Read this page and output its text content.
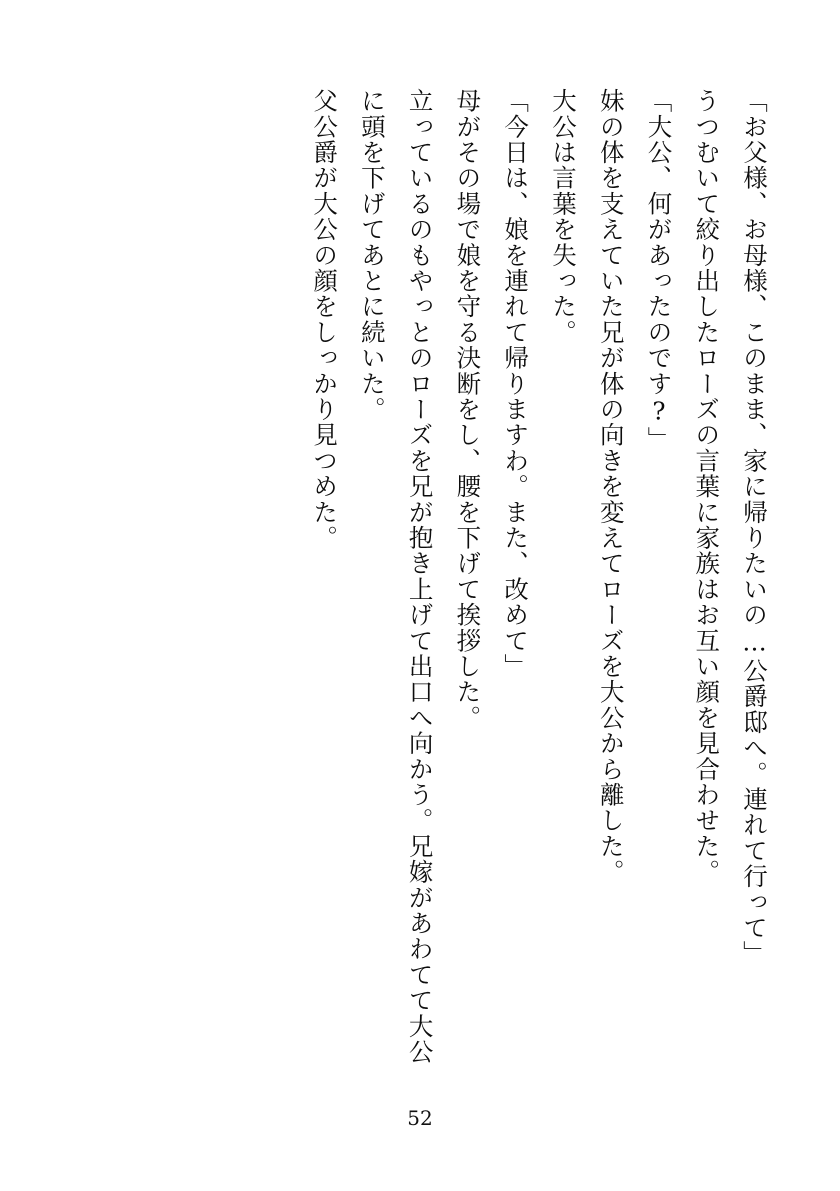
「お父様、お母様、このまま、家に帰りたいの…公爵邸へ。連れて行って」

うつむいて絞り出したローズの言葉に家族はお互い顔を見合わせた。

「大公、何があったのです?」

妹の体を支えていた兄が体の向きを変えてローズを大公から離した。

大公は言葉を失った。

「今日は、娘を連れて帰りますわ。また、改めて」

母がその場で娘を守る決断をし、腰を下げて挨拶した。

立っているのもやっとのローズを兄が抱き上げて出口へ向かう。兄嫁があわてて大公に頭を下げてあとに続いた。

父公爵が大公の顔をしっかり見つめた。

52
